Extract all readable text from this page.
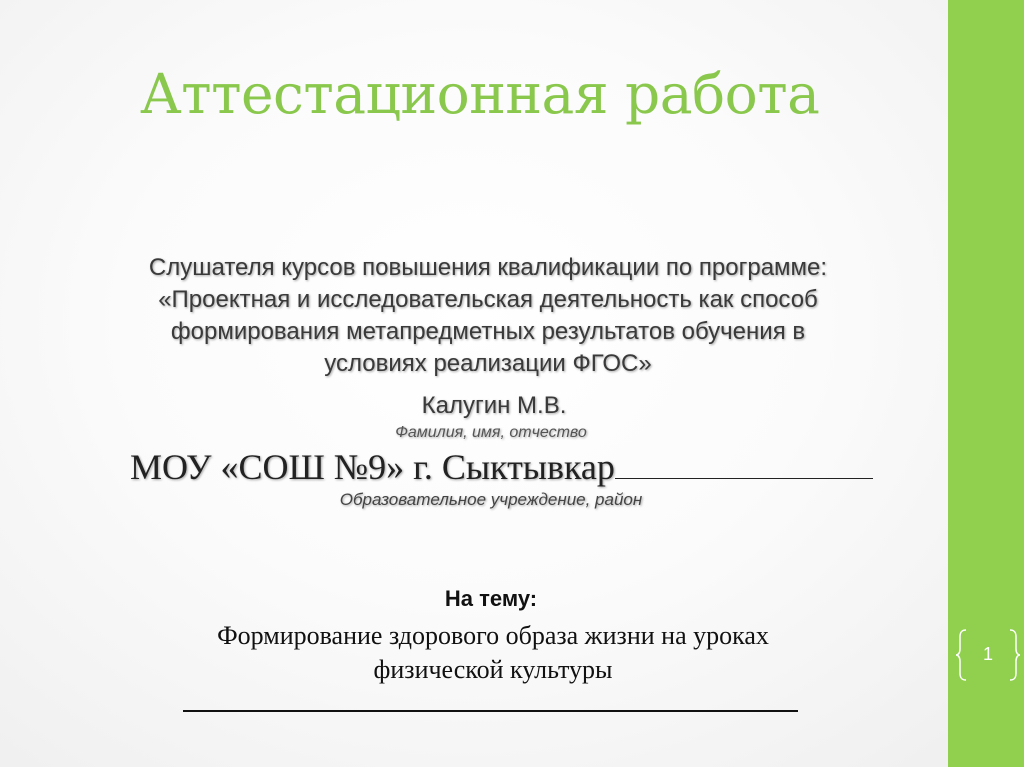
Аттестационная работа
Слушателя курсов повышения квалификации по программе:
«Проектная и исследовательская деятельность как способ
формирования метапредметных результатов обучения в
условиях реализации ФГОС»
Калугин М.В.
Фамилия, имя, отчество
МОУ «СОШ №9» г. Сыктывкар
Образовательное учреждение, район
На тему:
Формирование здорового образа жизни на уроках физической культуры
1
